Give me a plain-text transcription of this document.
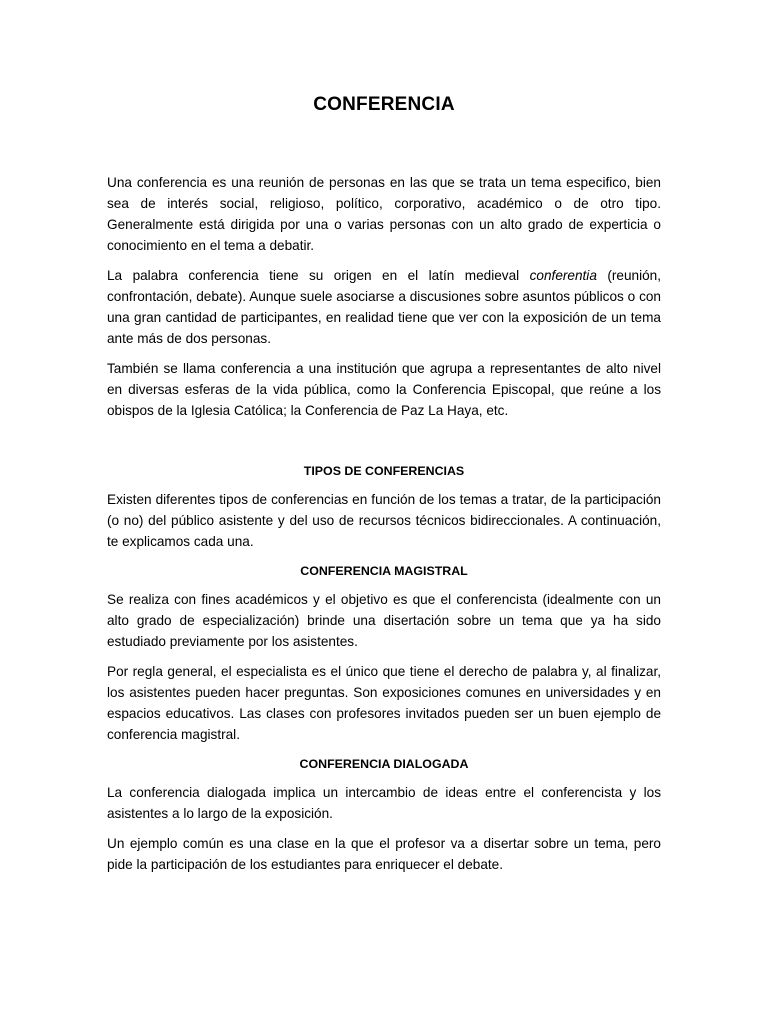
CONFERENCIA

Una conferencia es una reunión de personas en las que se trata un tema especifico, bien sea de interés social, religioso, político, corporativo, académico o de otro tipo. Generalmente está dirigida por una o varias personas con un alto grado de experticia o conocimiento en el tema a debatir.

La palabra conferencia tiene su origen en el latín medieval conferentia (reunión, confrontación, debate). Aunque suele asociarse a discusiones sobre asuntos públicos o con una gran cantidad de participantes, en realidad tiene que ver con la exposición de un tema ante más de dos personas.

También se llama conferencia a una institución que agrupa a representantes de alto nivel en diversas esferas de la vida pública, como la Conferencia Episcopal, que reúne a los obispos de la Iglesia Católica; la Conferencia de Paz La Haya, etc.

TIPOS DE CONFERENCIAS

Existen diferentes tipos de conferencias en función de los temas a tratar, de la participación (o no) del público asistente y del uso de recursos técnicos bidireccionales. A continuación, te explicamos cada una.

CONFERENCIA MAGISTRAL

Se realiza con fines académicos y el objetivo es que el conferencista (idealmente con un alto grado de especialización) brinde una disertación sobre un tema que ya ha sido estudiado previamente por los asistentes.

Por regla general, el especialista es el único que tiene el derecho de palabra y, al finalizar, los asistentes pueden hacer preguntas. Son exposiciones comunes en universidades y en espacios educativos. Las clases con profesores invitados pueden ser un buen ejemplo de conferencia magistral.

CONFERENCIA DIALOGADA

La conferencia dialogada implica un intercambio de ideas entre el conferencista y los asistentes a lo largo de la exposición.

Un ejemplo común es una clase en la que el profesor va a disertar sobre un tema, pero pide la participación de los estudiantes para enriquecer el debate.
